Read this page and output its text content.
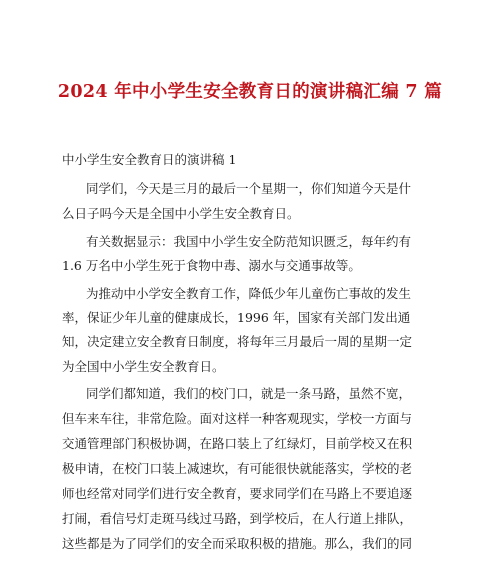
2024 年中小学生安全教育日的演讲稿汇编 7 篇
中小学生安全教育日的演讲稿 1
同学们，今天是三月的最后一个星期一，你们知道今天是什
么日子吗今天是全国中小学生安全教育日。
有关数据显示：我国中小学生安全防范知识匮乏，每年约有
1.6 万名中小学生死于食物中毒、溺水与交通事故等。
为推动中小学安全教育工作，降低少年儿童伤亡事故的发生
率，保证少年儿童的健康成长，1996 年，国家有关部门发出通
知，决定建立安全教育日制度，将每年三月最后一周的星期一定
为全国中小学生安全教育日。
同学们都知道，我们的校门口，就是一条马路，虽然不宽，
但车来车往，非常危险。面对这样一种客观现实，学校一方面与
交通管理部门积极协调，在路口装上了红绿灯，目前学校又在积
极申请，在校门口装上减速坎，有可能很快就能落实，学校的老
师也经常对同学们进行安全教育，要求同学们在马路上不要追逐
打闹，看信号灯走斑马线过马路，到学校后，在人行道上排队，
这些都是为了同学们的安全而采取积极的措施。那么，我们的同
